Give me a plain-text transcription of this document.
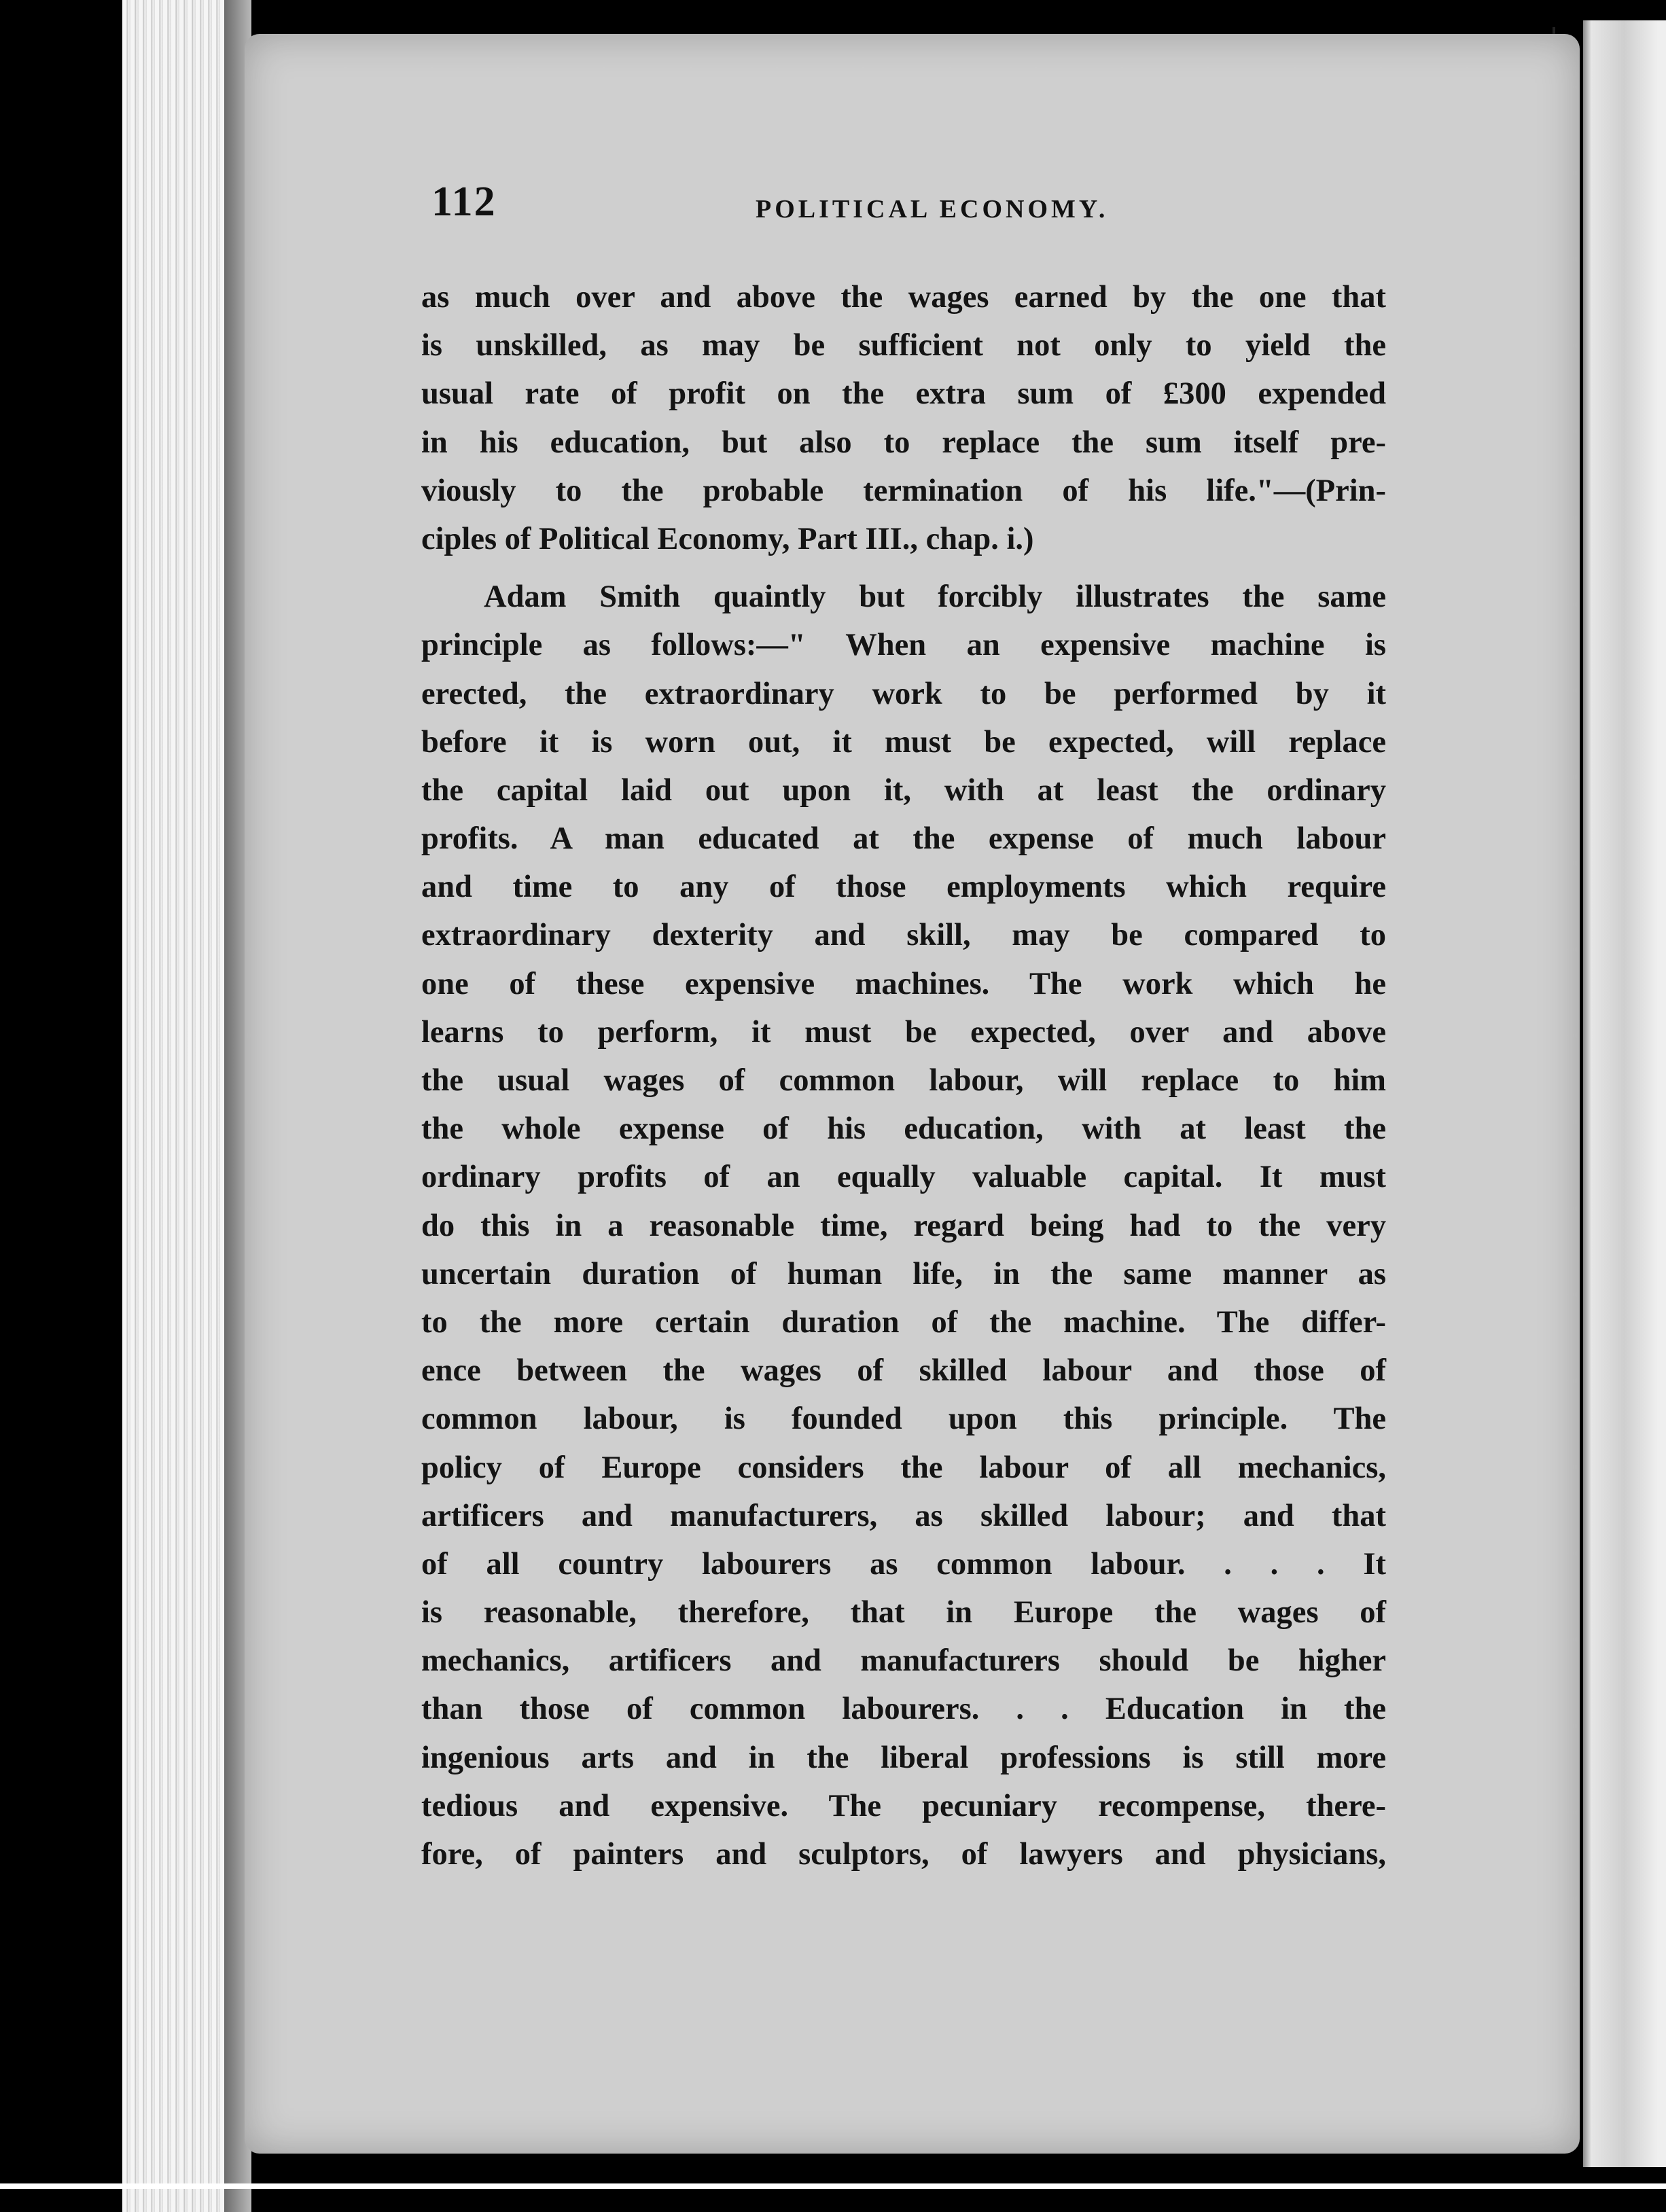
112	POLITICAL ECONOMY.
as much over and above the wages earned by the one that
is unskilled, as may be sufficient not only to yield the
usual rate of profit on the extra sum of £300 expended
in his education, but also to replace the sum itself pre-
viously to the probable termination of his life."—(Prin-
ciples of Political Economy, Part III., chap. i.)
Adam Smith quaintly but forcibly illustrates the same
principle as follows:—" When an expensive machine is
erected, the extraordinary work to be performed by it
before it is worn out, it must be expected, will replace
the capital laid out upon it, with at least the ordinary
profits. A man educated at the expense of much labour
and time to any of those employments which require
extraordinary dexterity and skill, may be compared to
one of these expensive machines. The work which he
learns to perform, it must be expected, over and above
the usual wages of common labour, will replace to him
the whole expense of his education, with at least the
ordinary profits of an equally valuable capital. It must
do this in a reasonable time, regard being had to the very
uncertain duration of human life, in the same manner as
to the more certain duration of the machine. The differ-
ence between the wages of skilled labour and those of
common labour, is founded upon this principle. The
policy of Europe considers the labour of all mechanics,
artificers and manufacturers, as skilled labour; and that
of all country labourers as common labour. . . . It
is reasonable, therefore, that in Europe the wages of
mechanics, artificers and manufacturers should be higher
than those of common labourers. . . Education in the
ingenious arts and in the liberal professions is still more
tedious and expensive. The pecuniary recompense, there-
fore, of painters and sculptors, of lawyers and physicians,
